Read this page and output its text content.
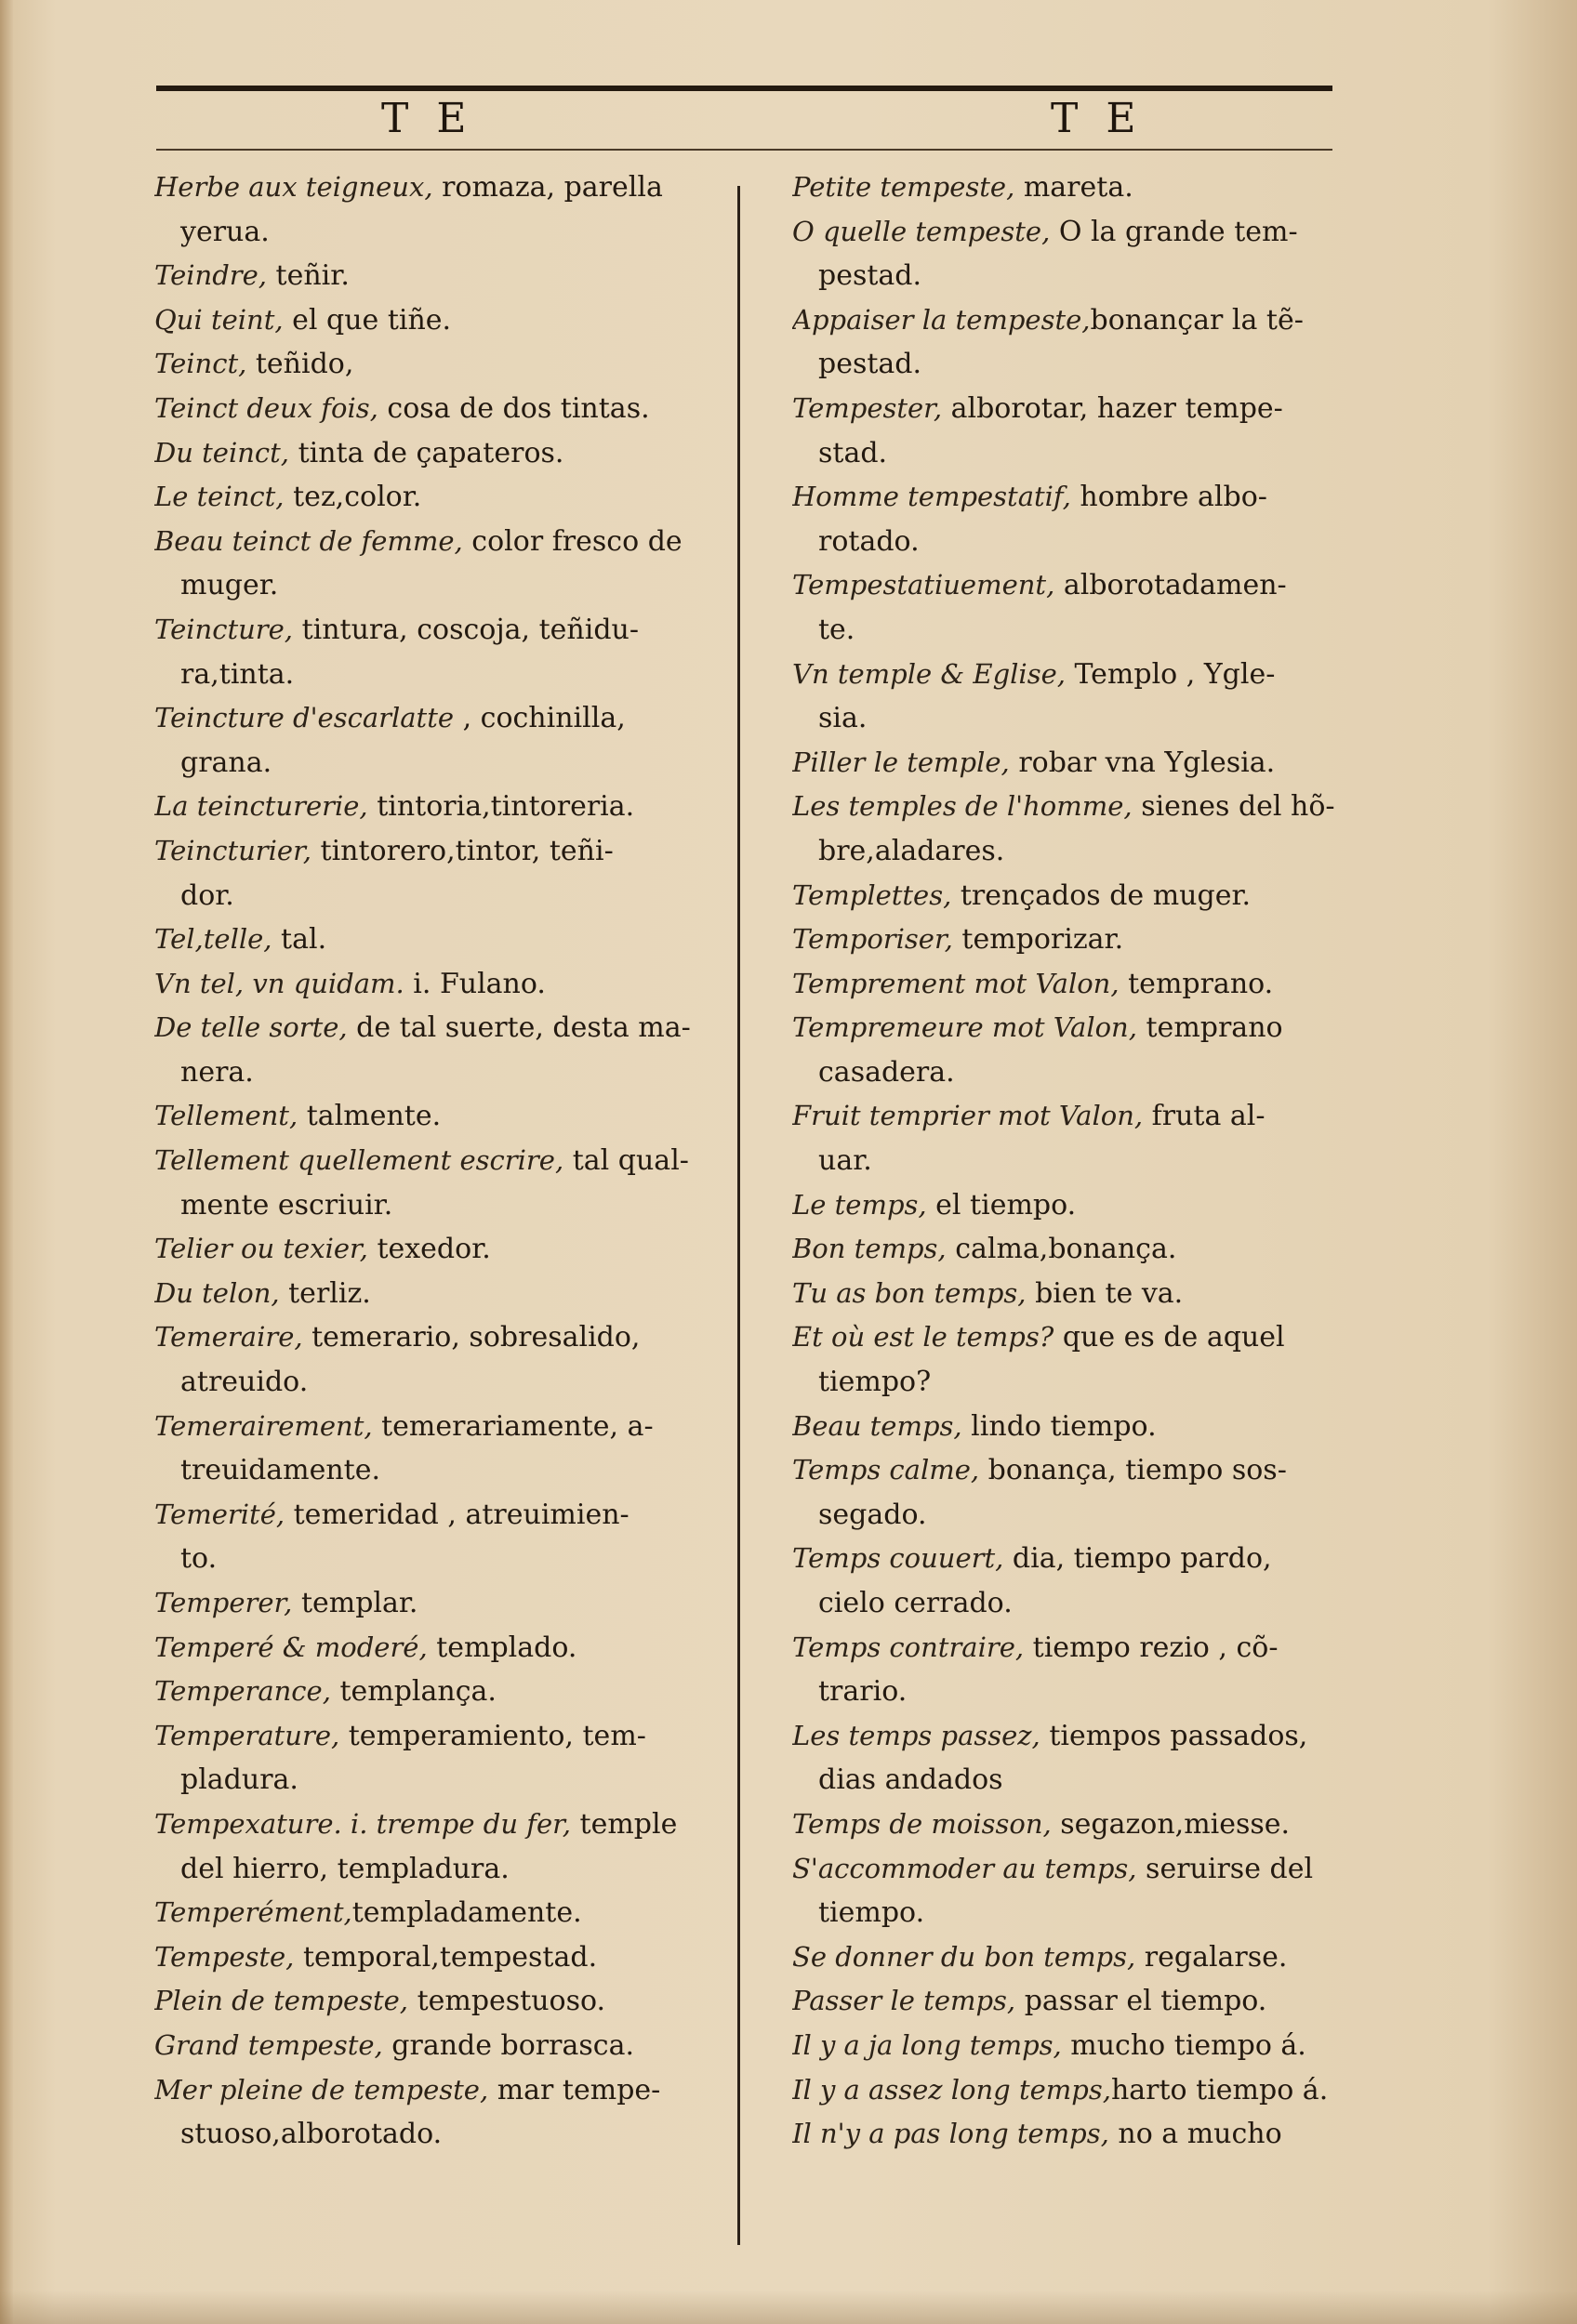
T E	T E
Herbe aux teigneux, romaza, parella
yerua.
Teindre, teñir.
Qui teint, el que tiñe.
Teinct, teñido,
Teinct deux fois, cosa de dos tintas.
Du teinct, tinta de çapateros.
Le teinct, tez,color.
Beau teinct de femme, color fresco de
muger.
Teincture, tintura, coscoja, teñidu-
ra,tinta.
Teincture d'escarlatte , cochinilla,
grana.
La teincturerie, tintoria,tintoreria.
Teincturier, tintorero,tintor, teñi-
dor.
Tel,telle, tal.
Vn tel, vn quidam. i. Fulano.
De telle sorte, de tal suerte, desta ma-
nera.
Tellement, talmente.
Tellement quellement escrire, tal qual-
mente escriuir.
Telier ou texier, texedor.
Du telon, terliz.
Temeraire, temerario, sobresalido,
atreuido.
Temerairement, temerariamente, a-
treuidamente.
Temerité, temeridad , atreuimien-
to.
Temperer, templar.
Temperé & moderé, templado.
Temperance, templança.
Temperature, temperamiento, tem-
pladura.
Tempexature. i. trempe du fer, temple
del hierro, templadura.
Temperément,templadamente.
Tempeste, temporal,tempestad.
Plein de tempeste, tempestuoso.
Grand tempeste, grande borrasca.
Mer pleine de tempeste, mar tempe-
stuoso,alborotado.
Petite tempeste, mareta.
O quelle tempeste, O la grande tem-
pestad.
Appaiser la tempeste,bonançar la tẽ-
pestad.
Tempester, alborotar, hazer tempe-
stad.
Homme tempestatif, hombre albo-
rotado.
Tempestatiuement, alborotadamen-
te.
Vn temple & Eglise, Templo , Ygle-
sia.
Piller le temple, robar vna Yglesia.
Les temples de l'homme, sienes del hõ-
bre,aladares.
Templettes, trençados de muger.
Temporiser, temporizar.
Temprement mot Valon, temprano.
Tempremeure mot Valon, temprano
casadera.
Fruit temprier mot Valon, fruta al-
uar.
Le temps, el tiempo.
Bon temps, calma,bonança.
Tu as bon temps, bien te va.
Et où est le temps? que es de aquel
tiempo?
Beau temps, lindo tiempo.
Temps calme, bonança, tiempo sos-
segado.
Temps couuert, dia, tiempo pardo,
cielo cerrado.
Temps contraire, tiempo rezio , cõ-
trario.
Les temps passez, tiempos passados,
dias andados
Temps de moisson, segazon,miesse.
S'accommoder au temps, seruirse del
tiempo.
Se donner du bon temps, regalarse.
Passer le temps, passar el tiempo.
Il y a ja long temps, mucho tiempo á.
Il y a assez long temps,harto tiempo á.
Il n'y a pas long temps, no a mucho
